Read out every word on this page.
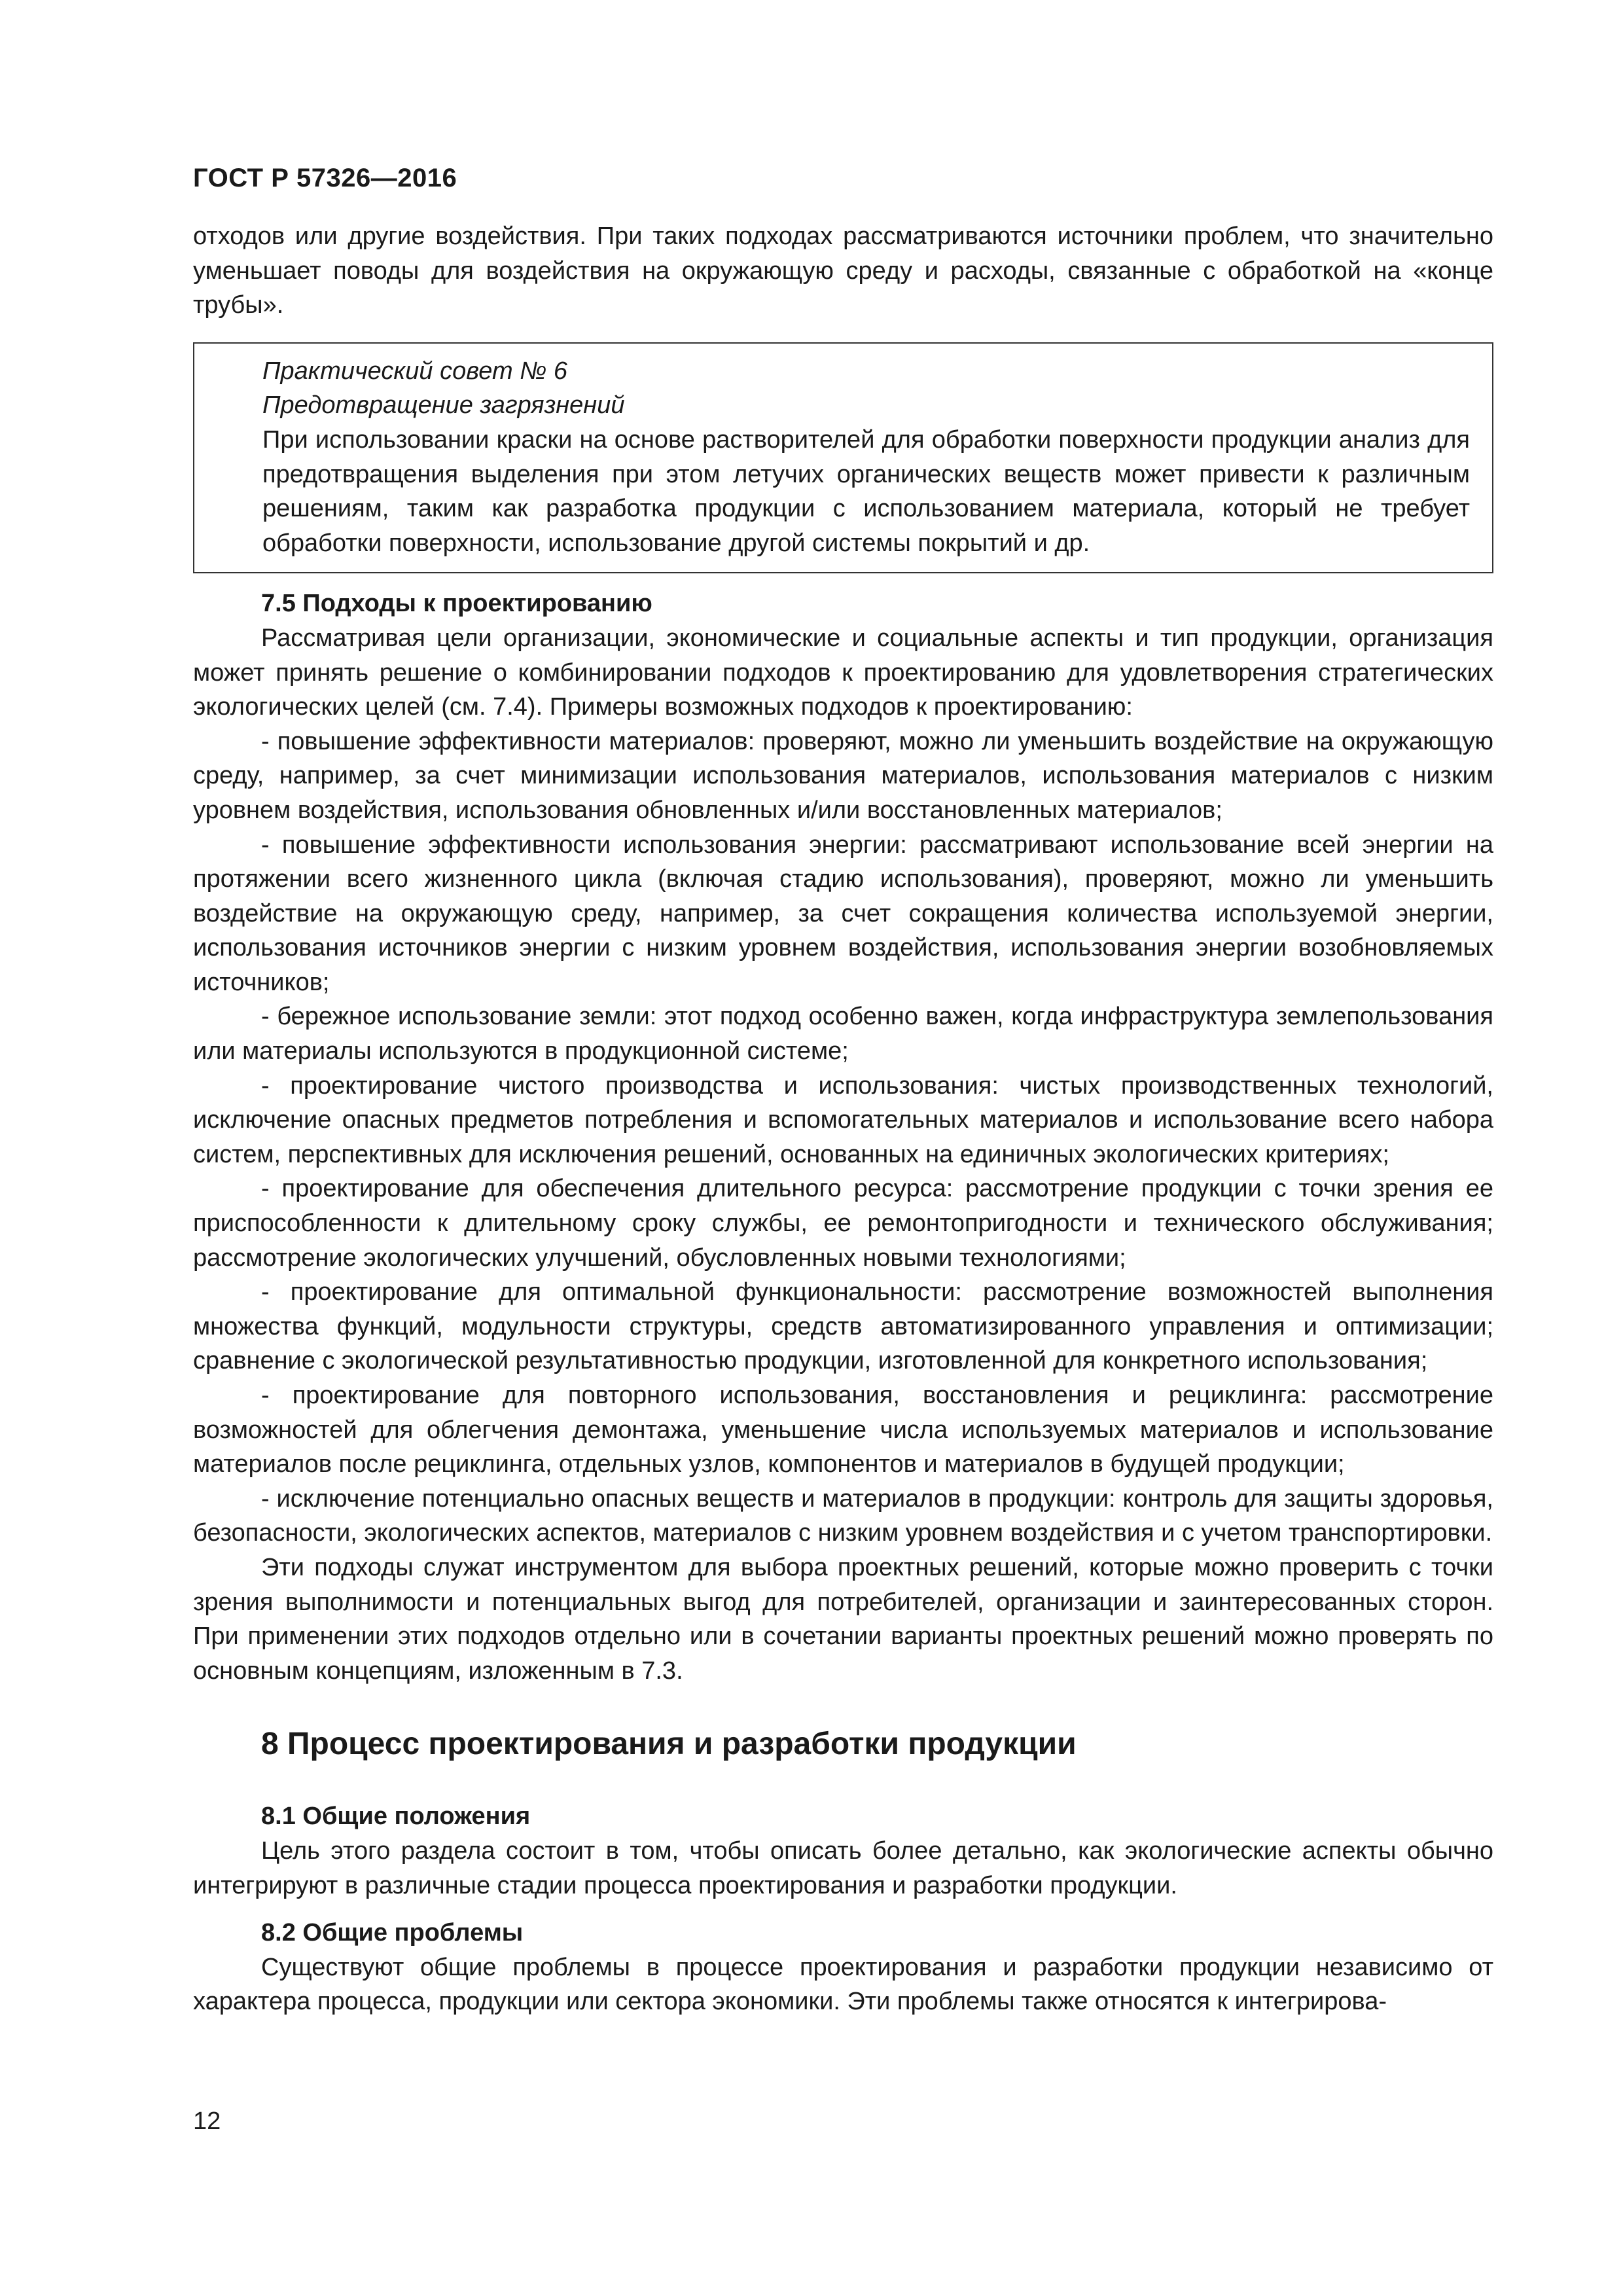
ГОСТ Р 57326—2016

отходов или другие воздействия. При таких подходах рассматриваются источники проблем, что значительно уменьшает поводы для воздействия на окружающую среду и расходы, связанные с обработкой на «конце трубы».

Практический совет № 6

Предотвращение загрязнений

При использовании краски на основе растворителей для обработки поверхности продукции анализ для предотвращения выделения при этом летучих органических веществ может привести к различным решениям, таким как разработка продукции с использованием материала, который не требует обработки поверхности, использование другой системы покрытий и др.

7.5 Подходы к проектированию

Рассматривая цели организации, экономические и социальные аспекты и тип продукции, организация может принять решение о комбинировании подходов к проектированию для удовлетворения стратегических экологических целей (см. 7.4). Примеры возможных подходов к проектированию:

- повышение эффективности материалов: проверяют, можно ли уменьшить воздействие на окружающую среду, например, за счет минимизации использования материалов, использования материалов с низким уровнем воздействия, использования обновленных и/или восстановленных материалов;

- повышение эффективности использования энергии: рассматривают использование всей энергии на протяжении всего жизненного цикла (включая стадию использования), проверяют, можно ли уменьшить воздействие на окружающую среду, например, за счет сокращения количества используемой энергии, использования источников энергии с низким уровнем воздействия, использования энергии возобновляемых источников;

- бережное использование земли: этот подход особенно важен, когда инфраструктура землепользования или материалы используются в продукционной системе;

- проектирование чистого производства и использования: чистых производственных технологий, исключение опасных предметов потребления и вспомогательных материалов и использование всего набора систем, перспективных для исключения решений, основанных на единичных экологических критериях;

- проектирование для обеспечения длительного ресурса: рассмотрение продукции с точки зрения ее приспособленности к длительному сроку службы, ее ремонтопригодности и технического обслуживания; рассмотрение экологических улучшений, обусловленных новыми технологиями;

- проектирование для оптимальной функциональности: рассмотрение возможностей выполнения множества функций, модульности структуры, средств автоматизированного управления и оптимизации; сравнение с экологической результативностью продукции, изготовленной для конкретного использования;

- проектирование для повторного использования, восстановления и рециклинга: рассмотрение возможностей для облегчения демонтажа, уменьшение числа используемых материалов и использование материалов после рециклинга, отдельных узлов, компонентов и материалов в будущей продукции;

- исключение потенциально опасных веществ и материалов в продукции: контроль для защиты здоровья, безопасности, экологических аспектов, материалов с низким уровнем воздействия и с учетом транспортировки.

Эти подходы служат инструментом для выбора проектных решений, которые можно проверить с точки зрения выполнимости и потенциальных выгод для потребителей, организации и заинтересованных сторон. При применении этих подходов отдельно или в сочетании варианты проектных решений можно проверять по основным концепциям, изложенным в 7.3.

8 Процесс проектирования и разработки продукции

8.1 Общие положения

Цель этого раздела состоит в том, чтобы описать более детально, как экологические аспекты обычно интегрируют в различные стадии процесса проектирования и разработки продукции.

8.2 Общие проблемы

Существуют общие проблемы в процессе проектирования и разработки продукции независимо от характера процесса, продукции или сектора экономики. Эти проблемы также относятся к интегрирова-

12
